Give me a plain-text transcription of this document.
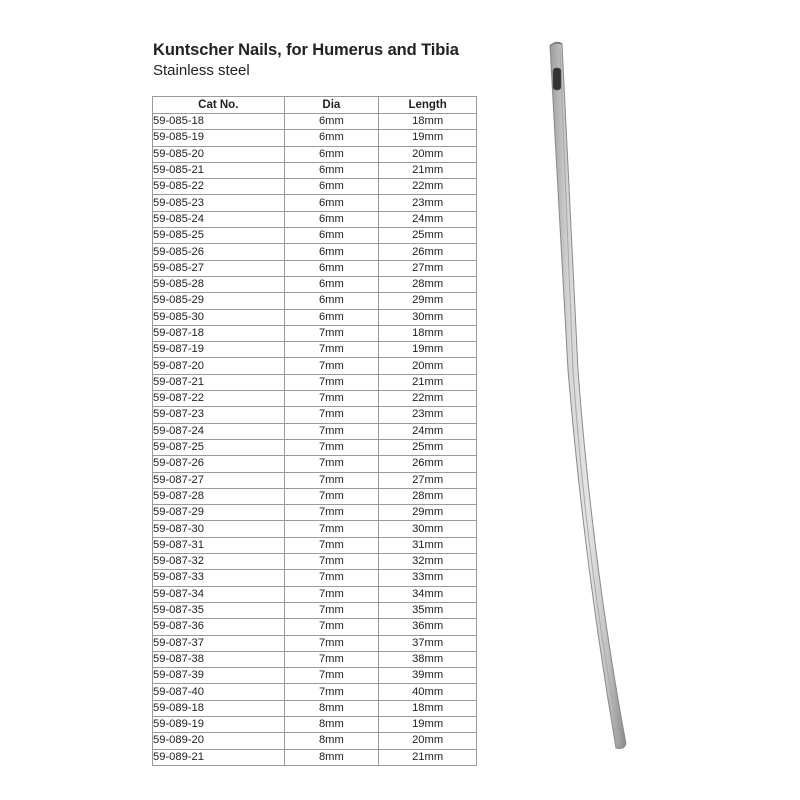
Kuntscher Nails, for Humerus and Tibia
Stainless steel
Cat No.	Dia	Length
59-085-18	6mm	18mm
59-085-19	6mm	19mm
59-085-20	6mm	20mm
59-085-21	6mm	21mm
59-085-22	6mm	22mm
59-085-23	6mm	23mm
59-085-24	6mm	24mm
59-085-25	6mm	25mm
59-085-26	6mm	26mm
59-085-27	6mm	27mm
59-085-28	6mm	28mm
59-085-29	6mm	29mm
59-085-30	6mm	30mm
59-087-18	7mm	18mm
59-087-19	7mm	19mm
59-087-20	7mm	20mm
59-087-21	7mm	21mm
59-087-22	7mm	22mm
59-087-23	7mm	23mm
59-087-24	7mm	24mm
59-087-25	7mm	25mm
59-087-26	7mm	26mm
59-087-27	7mm	27mm
59-087-28	7mm	28mm
59-087-29	7mm	29mm
59-087-30	7mm	30mm
59-087-31	7mm	31mm
59-087-32	7mm	32mm
59-087-33	7mm	33mm
59-087-34	7mm	34mm
59-087-35	7mm	35mm
59-087-36	7mm	36mm
59-087-37	7mm	37mm
59-087-38	7mm	38mm
59-087-39	7mm	39mm
59-087-40	7mm	40mm
59-089-18	8mm	18mm
59-089-19	8mm	19mm
59-089-20	8mm	20mm
59-089-21	8mm	21mm
